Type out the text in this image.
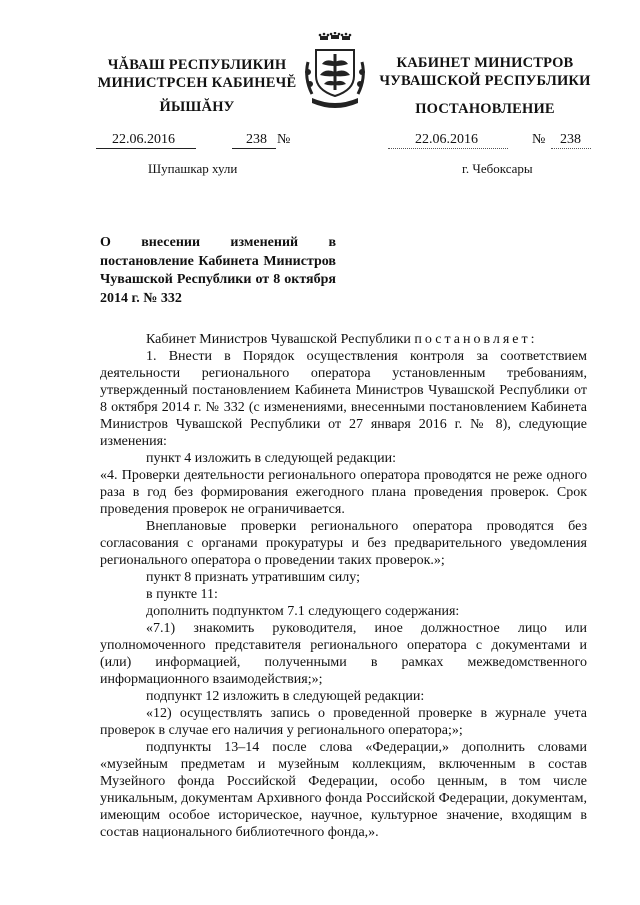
ЧĂВАШ РЕСПУБЛИКИН
МИНИСТРСЕН КАБИНЕЧĔ
ЙЫШĂНУ
КАБИНЕТ МИНИСТРОВ
ЧУВАШСКОЙ РЕСПУБЛИКИ
ПОСТАНОВЛЕНИЕ
22.06.2016	238 №	22.06.2016	№ 238
Шупашкар хули	г. Чебоксары
О внесении изменений в постановление Кабинета Министров Чувашской Республики от 8 октября 2014 г. № 332

Кабинет Министров Чувашской Республики постановляет:

1. Внести в Порядок осуществления контроля за соответствием деятельности регионального оператора установленным требованиям, утвержденный постановлением Кабинета Министров Чувашской Республики от 8 октября 2014 г. № 332 (с изменениями, внесенными постановлением Кабинета Министров Чувашской Республики от 27 января 2016 г. № 8), следующие изменения:

пункт 4 изложить в следующей редакции:

«4. Проверки деятельности регионального оператора проводятся не реже одного раза в год без формирования ежегодного плана проведения проверок. Срок проведения проверок не ограничивается.

Внеплановые проверки регионального оператора проводятся без согласования с органами прокуратуры и без предварительного уведомления регионального оператора о проведении таких проверок.»;

пункт 8 признать утратившим силу;

в пункте 11:

дополнить подпунктом 7.1 следующего содержания:

«7.1) знакомить руководителя, иное должностное лицо или уполномоченного представителя регионального оператора с документами и (или) информацией, полученными в рамках межведомственного информационного взаимодействия;»;

подпункт 12 изложить в следующей редакции:

«12) осуществлять запись о проведенной проверке в журнале учета проверок в случае его наличия у регионального оператора;»;

подпункты 13–14 после слова «Федерации,» дополнить словами «музейным предметам и музейным коллекциям, включенным в состав Музейного фонда Российской Федерации, особо ценным, в том числе уникальным, документам Архивного фонда Российской Федерации, документам, имеющим особое историческое, научное, культурное значение, входящим в состав национального библиотечного фонда,».
